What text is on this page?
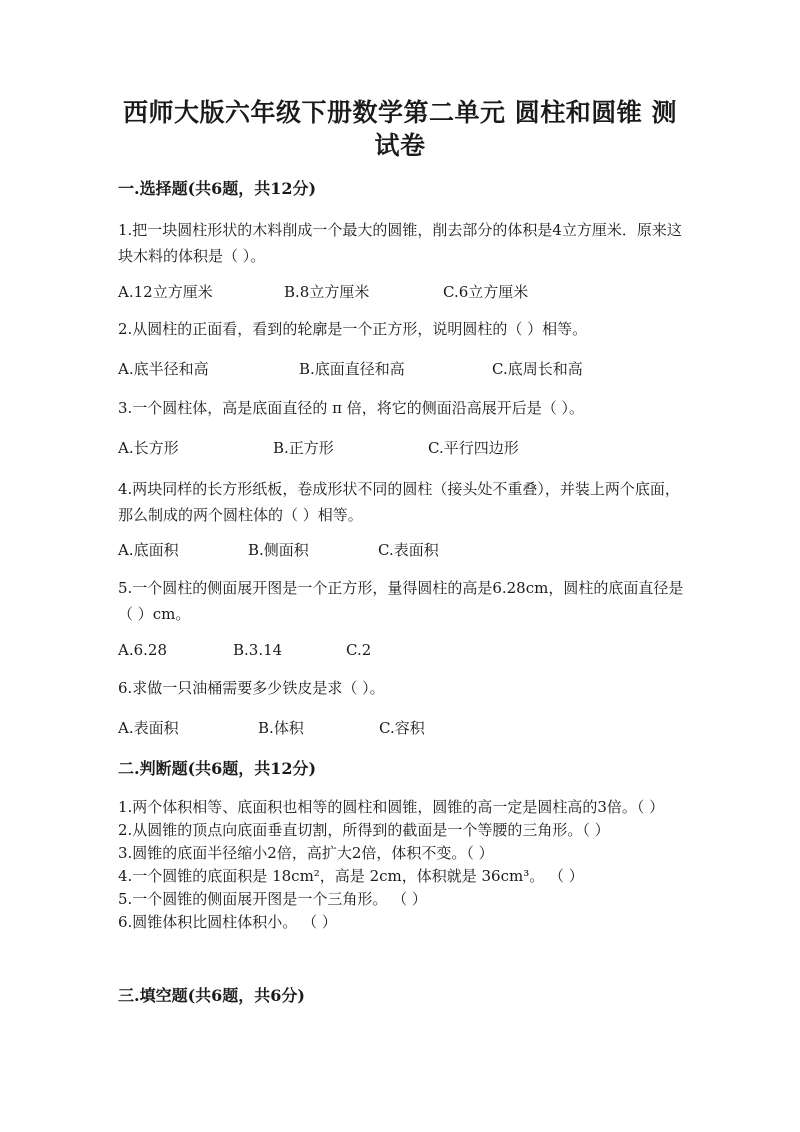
西师大版六年级下册数学第二单元 圆柱和圆锥 测试卷
一.选择题(共6题，共12分)
1.把一块圆柱形状的木料削成一个最大的圆锥，削去部分的体积是4立方厘米．原来这块木料的体积是（ ）。
A.12立方厘米	B.8立方厘米	C.6立方厘米
2.从圆柱的正面看，看到的轮廓是一个正方形，说明圆柱的（ ）相等。
A.底半径和高	B.底面直径和高	C.底周长和高
3.一个圆柱体，高是底面直径的 π 倍，将它的侧面沿高展开后是（ ）。
A.长方形	B.正方形	C.平行四边形
4.两块同样的长方形纸板，卷成形状不同的圆柱（接头处不重叠），并装上两个底面，那么制成的两个圆柱体的（ ）相等。
A.底面积	B.侧面积	C.表面积
5.一个圆柱的侧面展开图是一个正方形，量得圆柱的高是6.28cm，圆柱的底面直径是（ ）cm。
A.6.28	B.3.14	C.2
6.求做一只油桶需要多少铁皮是求（ ）。
A.表面积	B.体积	C.容积
二.判断题(共6题，共12分)
1.两个体积相等、底面积也相等的圆柱和圆锥，圆锥的高一定是圆柱高的3倍。（ ）
2.从圆锥的顶点向底面垂直切割，所得到的截面是一个等腰的三角形。（ ）
3.圆锥的底面半径缩小2倍，高扩大2倍，体积不变。（ ）
4.一个圆锥的底面积是 18cm²，高是 2cm，体积就是 36cm³。 （ ）
5.一个圆锥的侧面展开图是一个三角形。 （ ）
6.圆锥体积比圆柱体积小。 （ ）
三.填空题(共6题，共6分)
